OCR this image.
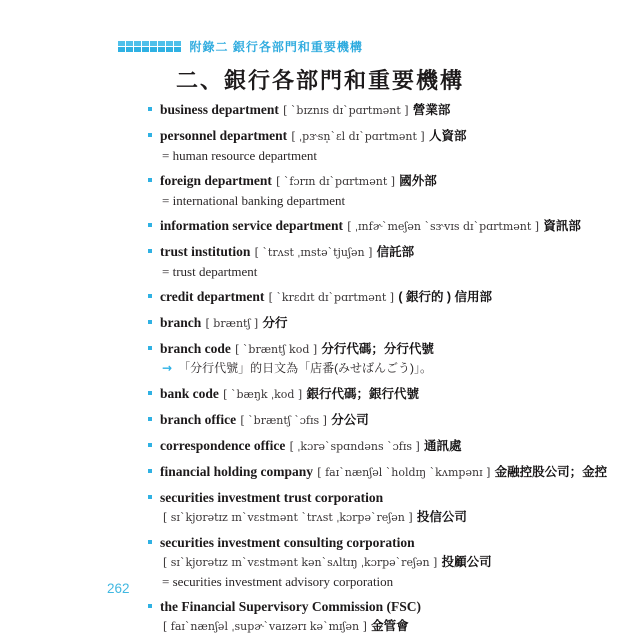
附錄二 銀行各部門和重要機構
二、銀行各部門和重要機構
business department [ ˋbɪznɪs dɪˋpɑrtmənt ] 營業部
personnel department [ ˌpɝsn̩ˋɛl dɪˋpɑrtmənt ] 人資部
= human resource department
foreign department [ ˋfɔrɪn dɪˋpɑrtmənt ] 國外部
= international banking department
information service department [ ˌɪnfɚˋmeʃən ˋsɝvɪs dɪˋpɑrtmənt ] 資訊部
trust institution [ ˋtrʌst ˌɪnstəˋtjuʃən ] 信託部
= trust department
credit department [ ˋkrɛdɪt dɪˋpɑrtmənt ] ( 銀行的 ) 信用部
branch [ bræntʃ ] 分行
branch code [ ˋbræntʃ kod ] 分行代碼；分行代號
→ 「分行代號」的日文為「店番(みせばんごう)」。
bank code [ ˋbæŋk ˌkod ] 銀行代碼；銀行代號
branch office [ ˋbræntʃ ˋɔfɪs ] 分公司
correspondence office [ ˌkɔrəˋspɑndəns ˋɔfɪs ] 通訊處
financial holding company [ faɪˋnænʃəl ˋholdɪŋ ˋkʌmpənɪ ] 金融控股公司；金控
securities investment trust corporation
[ sɪˋkjʊrətɪz ɪnˋvɛstmənt ˋtrʌst ˌkɔrpəˋreʃən ] 投信公司
securities investment consulting corporation
[ sɪˋkjʊrətɪz ɪnˋvɛstmənt kənˋsʌltɪŋ ˌkɔrpəˋreʃən ] 投顧公司
= securities investment advisory corporation
the Financial Supervisory Commission (FSC)
[ faɪˋnænʃəl ˌsupɚˋvaɪzərɪ kəˋmɪʃən ] 金管會
262
